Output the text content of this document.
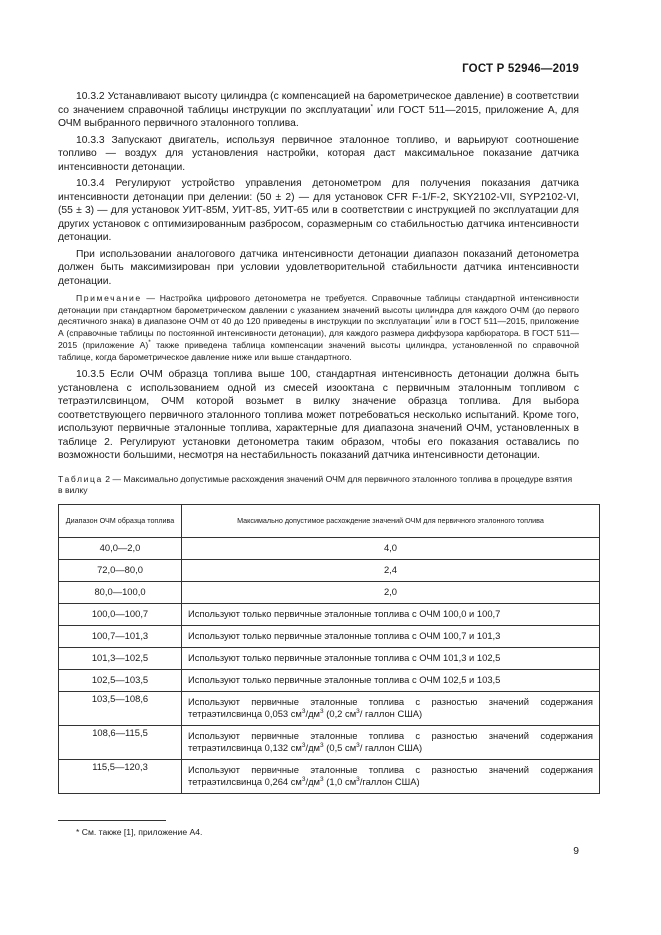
ГОСТ Р 52946—2019

10.3.2 Устанавливают высоту цилиндра (с компенсацией на барометрическое давление) в соответствии со значением справочной таблицы инструкции по эксплуатации* или ГОСТ 511—2015, приложение А, для ОЧМ выбранного первичного эталонного топлива.

10.3.3 Запускают двигатель, используя первичное эталонное топливо, и варьируют соотношение топливо — воздух для установления настройки, которая даст максимальное показание датчика интенсивности детонации.

10.3.4 Регулируют устройство управления детонометром для получения показания датчика интенсивности детонации при делении: (50 ± 2) — для установок CFR F-1/F-2, SKY2102-VII, SYP2102-VI, (55 ± 3) — для установок УИТ-85М, УИТ-85, УИТ-65 или в соответствии с инструкцией по эксплуатации для других установок с оптимизированным разбросом, соразмерным со стабильностью датчика интенсивности детонации.

При использовании аналогового датчика интенсивности детонации диапазон показаний детонометра должен быть максимизирован при условии удовлетворительной стабильности датчика интенсивности детонации.

Примечание — Настройка цифрового детонометра не требуется. Справочные таблицы стандартной интенсивности детонации при стандартном барометрическом давлении с указанием значений высоты цилиндра для каждого ОЧМ (до первого десятичного знака) в диапазоне ОЧМ от 40 до 120 приведены в инструкции по эксплуатации* или в ГОСТ 511—2015, приложение А (справочные таблицы по постоянной интенсивности детонации), для каждого размера диффузора карбюратора. В ГОСТ 511—2015 (приложение А)* также приведена таблица компенсации значений высоты цилиндра, установленной по справочной таблице, когда барометрическое давление ниже или выше стандартного.

10.3.5 Если ОЧМ образца топлива выше 100, стандартная интенсивность детонации должна быть установлена с использованием одной из смесей изооктана с первичным эталонным топливом с тетраэтилсвинцом, ОЧМ которой возьмет в вилку значение образца топлива. Для выбора соответствующего первичного эталонного топлива может потребоваться несколько испытаний. Кроме того, используют первичные эталонные топлива, характерные для диапазона значений ОЧМ, установленных в таблице 2. Регулируют установки детонометра таким образом, чтобы его показания оставались по возможности большими, несмотря на нестабильность показаний датчика интенсивности детонации.

Таблица 2 — Максимально допустимые расхождения значений ОЧМ для первичного эталонного топлива в процедуре взятия в вилку
Диапазон ОЧМ образца топлива	Максимально допустимое расхождение значений ОЧМ для первичного эталонного топлива
40,0—2,0	4,0
72,0—80,0	2,4
80,0—100,0	2,0
100,0—100,7	Используют только первичные эталонные топлива с ОЧМ 100,0 и 100,7
100,7—101,3	Используют только первичные эталонные топлива с ОЧМ 100,7 и 101,3
101,3—102,5	Используют только первичные эталонные топлива с ОЧМ 101,3 и 102,5
102,5—103,5	Используют только первичные эталонные топлива с ОЧМ 102,5 и 103,5
103,5—108,6	Используют первичные эталонные топлива с разностью значений содержания тетраэтилсвинца 0,053 $см^3/дм^3$ (0,2 $см^3/$ галлон США)
108,6—115,5	Используют первичные эталонные топлива с разностью значений содержания тетраэтилсвинца 0,132 $см^3/дм^3$ (0,5 $см^3/$ галлон США)
115,5—120,3	Используют первичные эталонные топлива с разностью значений содержания тетраэтилсвинца 0,264 $см^3/дм^3$ (1,0 $см^3$/галлон США)
* См. также [1], приложение А4.
9
